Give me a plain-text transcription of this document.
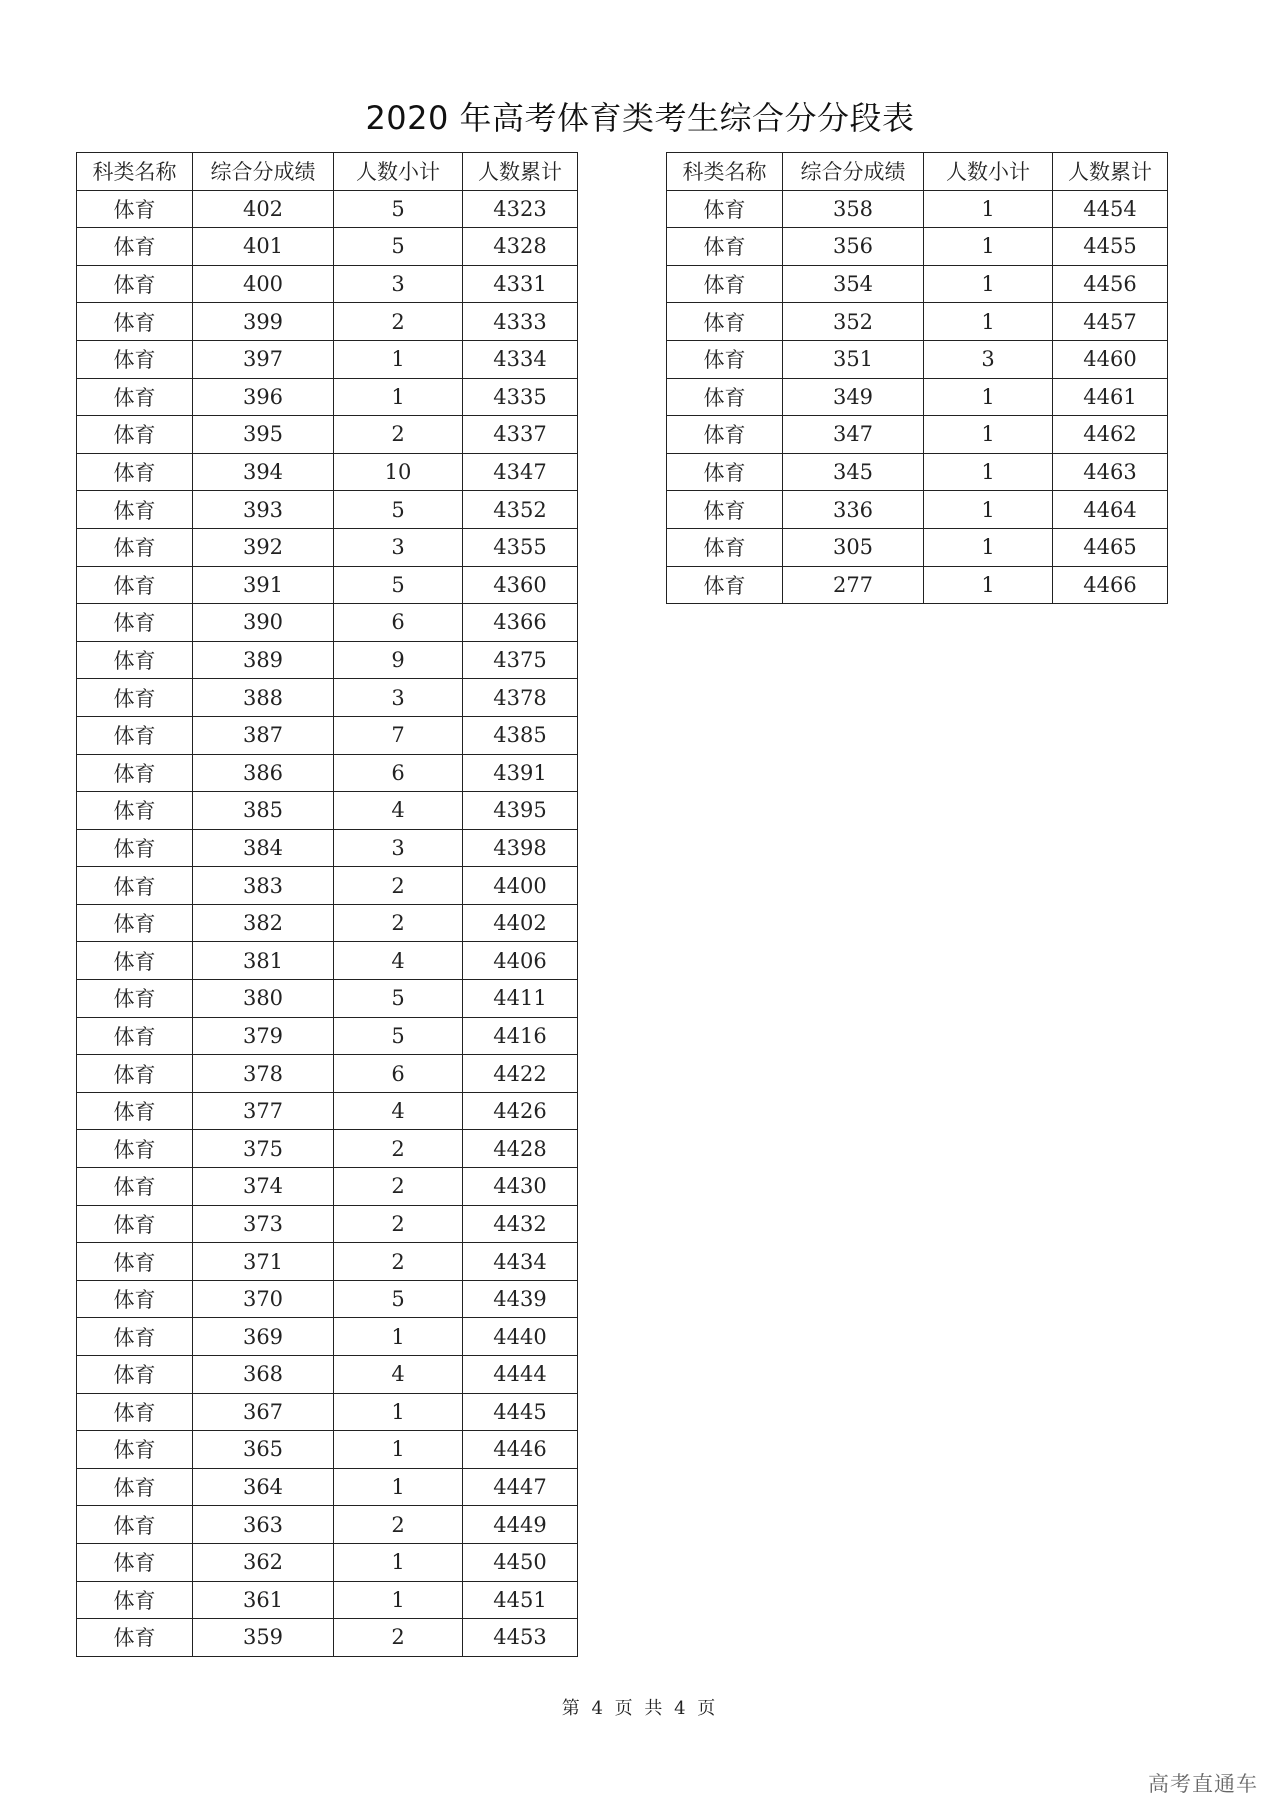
2020 年高考体育类考生综合分分段表
科类名称	综合分成绩	人数小计	人数累计
体育	402	5	4323
体育	401	5	4328
体育	400	3	4331
体育	399	2	4333
体育	397	1	4334
体育	396	1	4335
体育	395	2	4337
体育	394	10	4347
体育	393	5	4352
体育	392	3	4355
体育	391	5	4360
体育	390	6	4366
体育	389	9	4375
体育	388	3	4378
体育	387	7	4385
体育	386	6	4391
体育	385	4	4395
体育	384	3	4398
体育	383	2	4400
体育	382	2	4402
体育	381	4	4406
体育	380	5	4411
体育	379	5	4416
体育	378	6	4422
体育	377	4	4426
体育	375	2	4428
体育	374	2	4430
体育	373	2	4432
体育	371	2	4434
体育	370	5	4439
体育	369	1	4440
体育	368	4	4444
体育	367	1	4445
体育	365	1	4446
体育	364	1	4447
体育	363	2	4449
体育	362	1	4450
体育	361	1	4451
体育	359	2	4453
科类名称	综合分成绩	人数小计	人数累计
体育	358	1	4454
体育	356	1	4455
体育	354	1	4456
体育	352	1	4457
体育	351	3	4460
体育	349	1	4461
体育	347	1	4462
体育	345	1	4463
体育	336	1	4464
体育	305	1	4465
体育	277	1	4466
第 4 页 共 4 页
高考直通车
